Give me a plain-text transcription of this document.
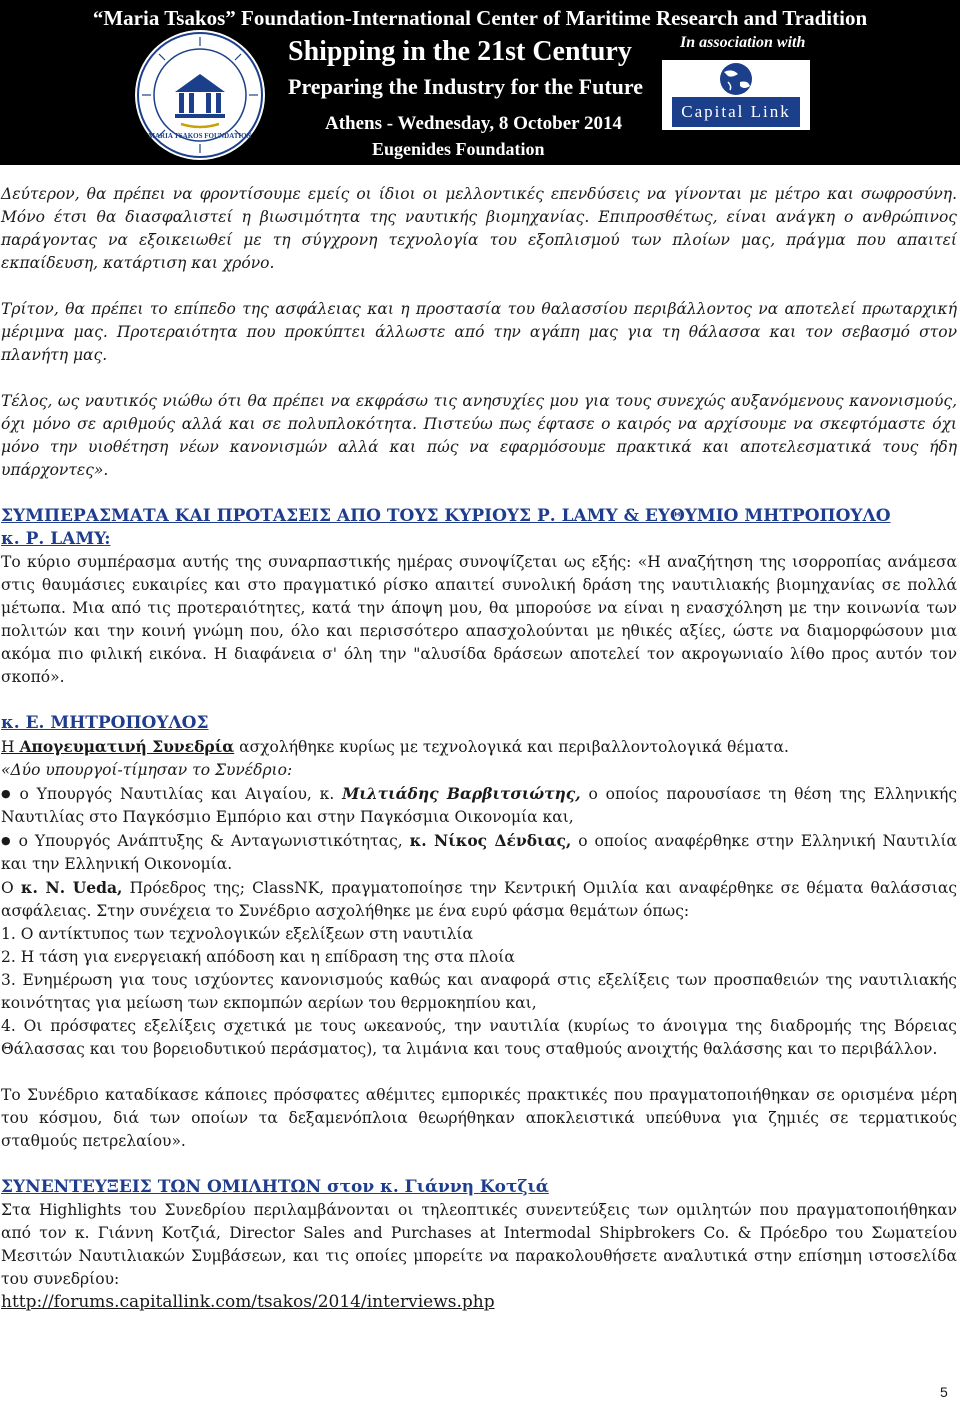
“Maria Tsakos” Foundation-International Center of Maritime Research and Tradition
MARIA TSAKOS FOUNDATION
Shipping in the 21st Century
Preparing the Industry for the Future
Athens - Wednesday, 8 October 2014
Eugenides Foundation
In association with
Capital Link

Δεύτερον, θα πρέπει να φροντίσουμε εμείς οι ίδιοι οι μελλοντικές επενδύσεις να γίνονται με μέτρο και σωφροσύνη. Μόνο έτσι θα διασφαλιστεί η βιωσιμότητα της ναυτικής βιομηχανίας. Επιπροσθέτως, είναι ανάγκη ο ανθρώπινος παράγοντας να εξοικειωθεί με τη σύγχρονη τεχνολογία του εξοπλισμού των πλοίων μας, πράγμα που απαιτεί εκπαίδευση, κατάρτιση και χρόνο.

Τρίτον, θα πρέπει το επίπεδο της ασφάλειας και η προστασία του θαλασσίου περιβάλλοντος να αποτελεί πρωταρχική μέριμνα μας. Προτεραιότητα που προκύπτει άλλωστε από την αγάπη μας για τη θάλασσα και τον σεβασμό στον πλανήτη μας.

Τέλος, ως ναυτικός νιώθω ότι θα πρέπει να εκφράσω τις ανησυχίες μου για τους συνεχώς αυξανόμενους κανονισμούς, όχι μόνο σε αριθμούς αλλά και σε πολυπλοκότητα. Πιστεύω πως έφτασε ο καιρός να αρχίσουμε να σκεφτόμαστε όχι μόνο την υιοθέτηση νέων κανονισμών αλλά και πώς να εφαρμόσουμε πρακτικά και αποτελεσματικά τους ήδη υπάρχοντες».

ΣΥΜΠΕΡΑΣΜΑΤΑ ΚΑΙ ΠΡΟΤΑΣΕΙΣ ΑΠΟ ΤΟΥΣ ΚΥΡΙΟΥΣ Ρ. LAMY & ΕΥΘΥΜΙΟ ΜΗΤΡΟΠΟΥΛΟ

κ. Ρ. LAMY:

Το κύριο συμπέρασμα αυτής της συναρπαστικής ημέρας συνοψίζεται ως εξής: «Η αναζήτηση της ισορροπίας ανάμεσα στις θαυμάσιες ευκαιρίες και στο πραγματικό ρίσκο απαιτεί συνολική δράση της ναυτιλιακής βιομηχανίας σε πολλά μέτωπα. Μια από τις προτεραιότητες, κατά την άποψη μου, θα μπορούσε να είναι η ενασχόληση με την κοινωνία των πολιτών και την κοινή γνώμη που, όλο και περισσότερο απασχολούνται με ηθικές αξίες, ώστε να διαμορφώσουν μια ακόμα πιο φιλική εικόνα. Η διαφάνεια σ' όλη την "αλυσίδα δράσεων αποτελεί τον ακρογωνιαίο λίθο προς αυτόν τον σκοπό».

κ. Ε. ΜΗΤΡΟΠΟΥΛΟΣ

Η Απογευματινή Συνεδρία ασχολήθηκε κυρίως με τεχνολογικά και περιβαλλοντολογικά θέματα.

«Δύο υπουργοί-τίμησαν το Συνέδριο:

● ο Υπουργός Ναυτιλίας και Αιγαίου, κ. Μιλτιάδης Βαρβιτσιώτης, ο οποίος παρουσίασε τη θέση της Ελληνικής Ναυτιλίας στο Παγκόσμιο Εμπόριο και στην Παγκόσμια Οικονομία και,

● ο Υπουργός Ανάπτυξης & Ανταγωνιστικότητας, κ. Νίκος Δένδιας, ο οποίος αναφέρθηκε στην Ελληνική Ναυτιλία και την Ελληνική Οικονομία.

Ο κ. Ν. Ueda, Πρόεδρος της; ClassNK, πραγματοποίησε την Κεντρική Ομιλία και αναφέρθηκε σε θέματα θαλάσσιας ασφάλειας. Στην συνέχεια το Συνέδριο ασχολήθηκε με ένα ευρύ φάσμα θεμάτων όπως:

1. Ο αντίκτυπος των τεχνολογικών εξελίξεων στη ναυτιλία

2. Η τάση για ενεργειακή απόδοση και η επίδραση της στα πλοία

3. Ενημέρωση για τους ισχύοντες κανονισμούς καθώς και αναφορά στις εξελίξεις των προσπαθειών της ναυτιλιακής κοινότητας για μείωση των εκπομπών αερίων του θερμοκηπίου και,

4. Οι πρόσφατες εξελίξεις σχετικά με τους ωκεανούς, την ναυτιλία (κυρίως το άνοιγμα της διαδρομής της Βόρειας Θάλασσας και του βορειοδυτικού περάσματος), τα λιμάνια και τους σταθμούς ανοιχτής θαλάσσης και το περιβάλλον.

Το Συνέδριο καταδίκασε κάποιες πρόσφατες αθέμιτες εμπορικές πρακτικές που πραγματοποιήθηκαν σε ορισμένα μέρη του κόσμου, διά των οποίων τα δεξαμενόπλοια θεωρήθηκαν αποκλειστικά υπεύθυνα για ζημιές σε τερματικούς σταθμούς πετρελαίου».

ΣΥΝΕΝΤΕΥΞΕΙΣ ΤΩΝ ΟΜΙΛΗΤΩΝ στον κ. Γιάννη Κοτζιά

Στα Highlights του Συνεδρίου περιλαμβάνονται οι τηλεοπτικές συνεντεύξεις των ομιλητών που πραγματοποιήθηκαν από τον κ. Γιάννη Κοτζιά, Director Sales and Purchases at Intermodal Shipbrokers Co. & Πρόεδρο του Σωματείου Μεσιτών Ναυτιλιακών Συμβάσεων, και τις οποίες μπορείτε να παρακολουθήσετε αναλυτικά στην επίσημη ιστοσελίδα του συνεδρίου:

http://forums.capitallink.com/tsakos/2014/interviews.php

5
